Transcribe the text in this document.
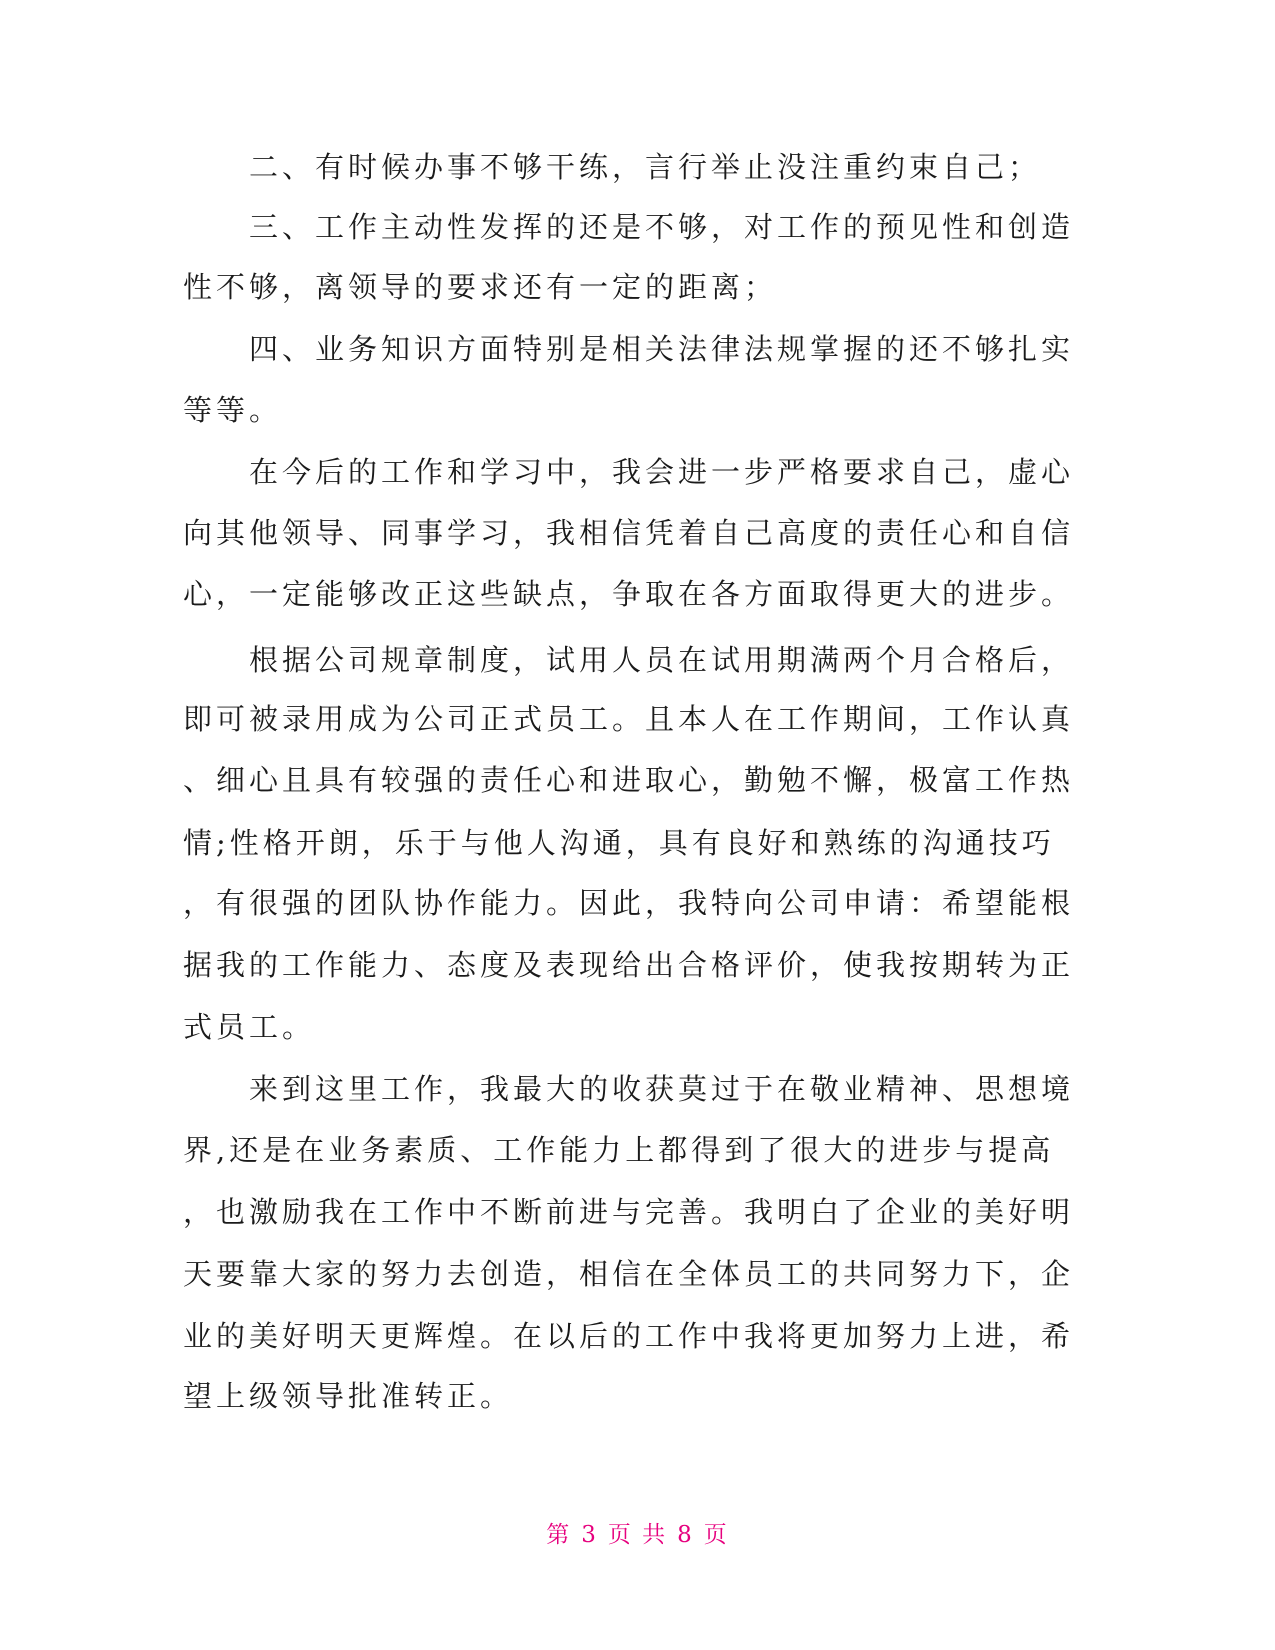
　　二、有时候办事不够干练，言行举止没注重约束自己；
　　三、工作主动性发挥的还是不够，对工作的预见性和创造
性不够，离领导的要求还有一定的距离；
　　四、业务知识方面特别是相关法律法规掌握的还不够扎实
等等。
　　在今后的工作和学习中，我会进一步严格要求自己，虚心
向其他领导、同事学习，我相信凭着自己高度的责任心和自信
心，一定能够改正这些缺点，争取在各方面取得更大的进步。
　　根据公司规章制度，试用人员在试用期满两个月合格后，
即可被录用成为公司正式员工。且本人在工作期间，工作认真
、细心且具有较强的责任心和进取心，勤勉不懈，极富工作热
情;性格开朗，乐于与他人沟通，具有良好和熟练的沟通技巧
，有很强的团队协作能力。因此，我特向公司申请：希望能根
据我的工作能力、态度及表现给出合格评价，使我按期转为正
式员工。
　　来到这里工作，我最大的收获莫过于在敬业精神、思想境
界,还是在业务素质、工作能力上都得到了很大的进步与提高
，也激励我在工作中不断前进与完善。我明白了企业的美好明
天要靠大家的努力去创造，相信在全体员工的共同努力下，企
业的美好明天更辉煌。在以后的工作中我将更加努力上进，希
望上级领导批准转正。
第 3 页 共 8 页
